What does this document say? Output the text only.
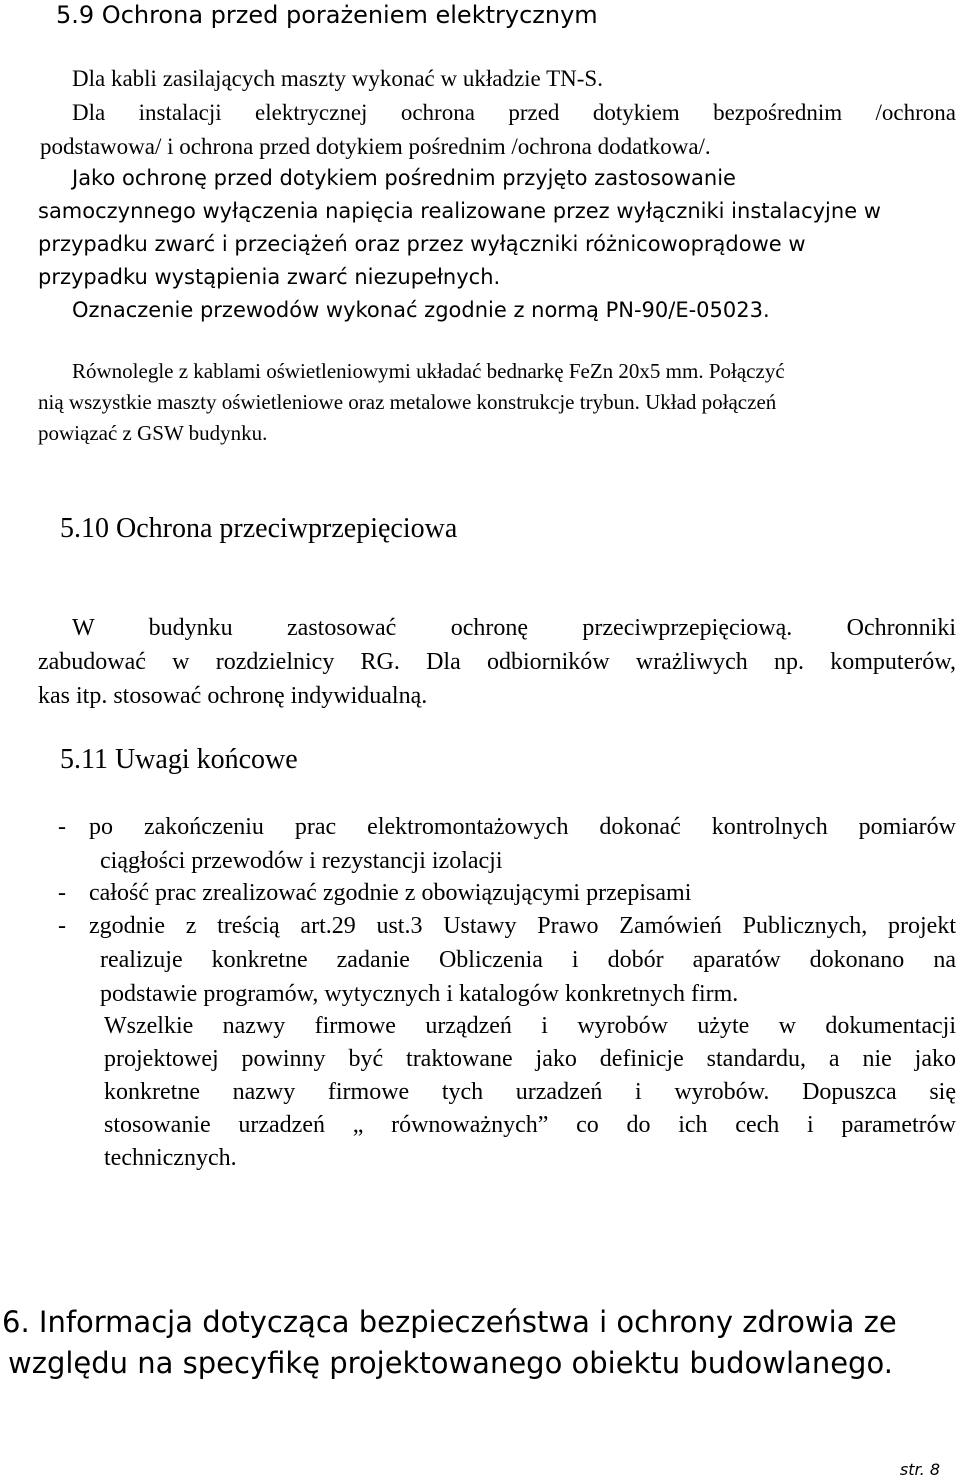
5.9 Ochrona przed porażeniem elektrycznym
Dla kabli zasilających maszty wykonać w układzie TN-S.
Dla instalacji elektrycznej ochrona przed dotykiem bezpośrednim /ochrona
podstawowa/ i ochrona przed dotykiem pośrednim /ochrona dodatkowa/.
Jako ochronę przed dotykiem pośrednim przyjęto zastosowanie
samoczynnego wyłączenia napięcia realizowane przez wyłączniki instalacyjne w
przypadku zwarć i przeciążeń oraz przez wyłączniki różnicowoprądowe w
przypadku wystąpienia zwarć niezupełnych.
Oznaczenie przewodów wykonać zgodnie z normą PN-90/E-05023.
Równolegle z kablami oświetleniowymi układać bednarkę FeZn 20x5 mm. Połączyć
nią wszystkie maszty oświetleniowe oraz metalowe konstrukcje trybun. Układ połączeń
powiązać z GSW budynku.
5.10 Ochrona przeciwprzepięciowa
W budynku zastosować ochronę przeciwprzepięciową. Ochronniki
zabudować w rozdzielnicy RG. Dla odbiorników wrażliwych np. komputerów,
kas itp. stosować ochronę indywidualną.
5.11 Uwagi końcowe
- po zakończeniu prac elektromontażowych dokonać kontrolnych pomiarów
ciągłości przewodów i rezystancji izolacji
- całość prac zrealizować zgodnie z obowiązującymi przepisami
- zgodnie z treścią art.29 ust.3 Ustawy Prawo Zamówień Publicznych, projekt
realizuje konkretne zadanie Obliczenia i dobór aparatów dokonano na
podstawie programów, wytycznych i katalogów konkretnych firm.
Wszelkie nazwy firmowe urządzeń i wyrobów użyte w dokumentacji
projektowej powinny być traktowane jako definicje standardu, a nie jako
konkretne nazwy firmowe tych urzadzeń i wyrobów. Dopuszca się
stosowanie urzadzeń „ równoważnych” co do ich cech i parametrów
technicznych.
6. Informacja dotycząca bezpieczeństwa i ochrony zdrowia ze
względu na specyfikę projektowanego obiektu budowlanego.
str. 8
